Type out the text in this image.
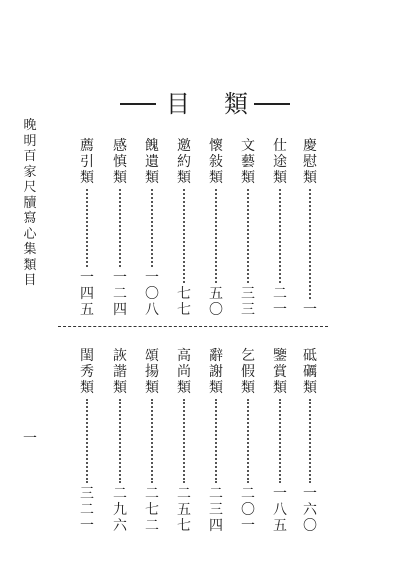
目 類
晚明百家尺牘　寫心集類目
一
慶慰類
一
仕途類
二一
文藝類
三三
懷敍類
五〇
邀約類
七七
餽遺類
一〇八
感慎類
一二四
薦引類
一四五
砥礪類
一六〇
鑒賞類
一八五
乞假類
二〇一
辭謝類
二三四
高尚類
二五七
頌揚類
二七二
詼諧類
二九六
閨秀類
三二一
